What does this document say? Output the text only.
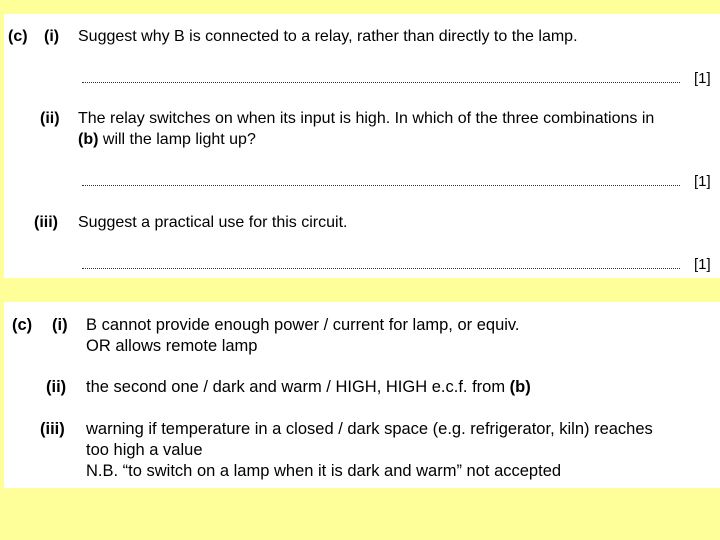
(c) (i) Suggest why B is connected to a relay, rather than directly to the lamp.
[1]
(ii) The relay switches on when its input is high. In which of the three combinations in
(b) will the lamp light up?
[1]
(iii) Suggest a practical use for this circuit.
[1]
(c) (i) B cannot provide enough power / current for lamp, or equiv.
OR allows remote lamp
(ii) the second one / dark and warm / HIGH, HIGH e.c.f. from (b)
(iii) warning if temperature in a closed / dark space (e.g. refrigerator, kiln) reaches
too high a value
N.B. “to switch on a lamp when it is dark and warm” not accepted
